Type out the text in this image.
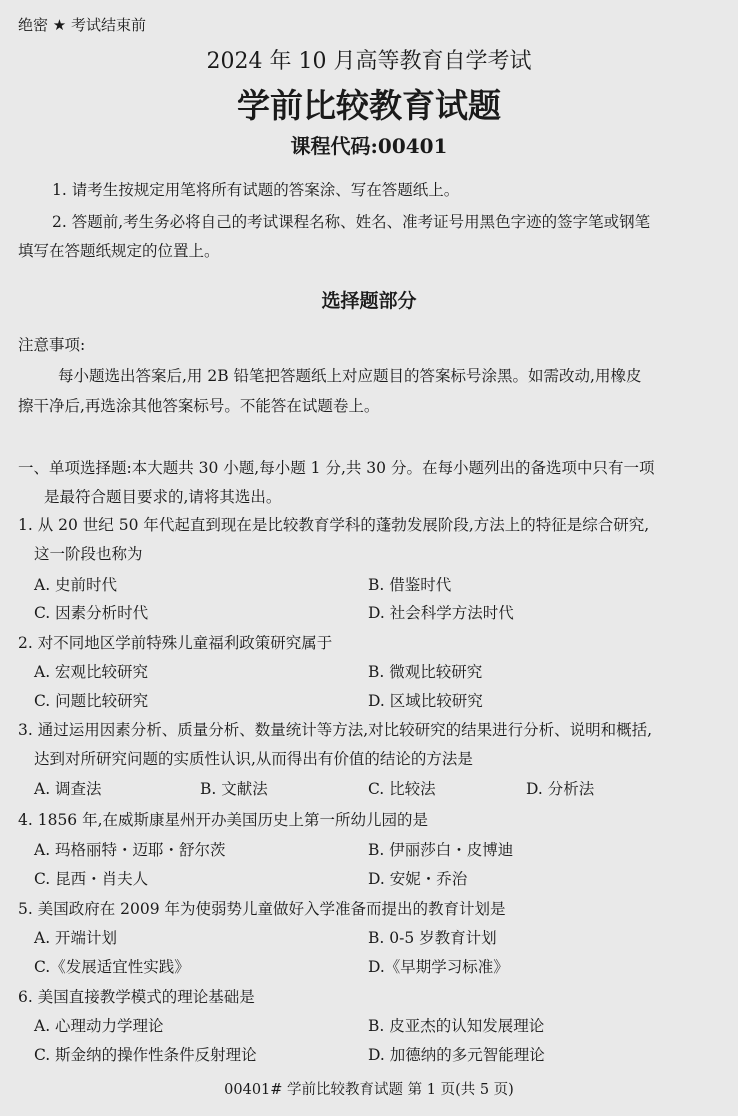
绝密 ★ 考试结束前
2024 年 10 月高等教育自学考试
学前比较教育试题
课程代码:00401
1. 请考生按规定用笔将所有试题的答案涂、写在答题纸上。
2. 答题前,考生务必将自己的考试课程名称、姓名、准考证号用黑色字迹的签字笔或钢笔
填写在答题纸规定的位置上。
选择题部分
注意事项:
每小题选出答案后,用 2B 铅笔把答题纸上对应题目的答案标号涂黑。如需改动,用橡皮
擦干净后,再选涂其他答案标号。不能答在试题卷上。
一、单项选择题:本大题共 30 小题,每小题 1 分,共 30 分。在每小题列出的备选项中只有一项
是最符合题目要求的,请将其选出。
1. 从 20 世纪 50 年代起直到现在是比较教育学科的蓬勃发展阶段,方法上的特征是综合研究,
这一阶段也称为
A. 史前时代	B. 借鉴时代
C. 因素分析时代	D. 社会科学方法时代
2. 对不同地区学前特殊儿童福利政策研究属于
A. 宏观比较研究	B. 微观比较研究
C. 问题比较研究	D. 区域比较研究
3. 通过运用因素分析、质量分析、数量统计等方法,对比较研究的结果进行分析、说明和概括,
达到对所研究问题的实质性认识,从而得出有价值的结论的方法是
A. 调查法	B. 文献法	C. 比较法	D. 分析法
4. 1856 年,在威斯康星州开办美国历史上第一所幼儿园的是
A. 玛格丽特・迈耶・舒尔茨	B. 伊丽莎白・皮博迪
C. 昆西・肖夫人	D. 安妮・乔治
5. 美国政府在 2009 年为使弱势儿童做好入学准备而提出的教育计划是
A. 开端计划	B. 0-5 岁教育计划
C.《发展适宜性实践》	D.《早期学习标准》
6. 美国直接教学模式的理论基础是
A. 心理动力学理论	B. 皮亚杰的认知发展理论
C. 斯金纳的操作性条件反射理论	D. 加德纳的多元智能理论
00401# 学前比较教育试题 第 1 页(共 5 页)
